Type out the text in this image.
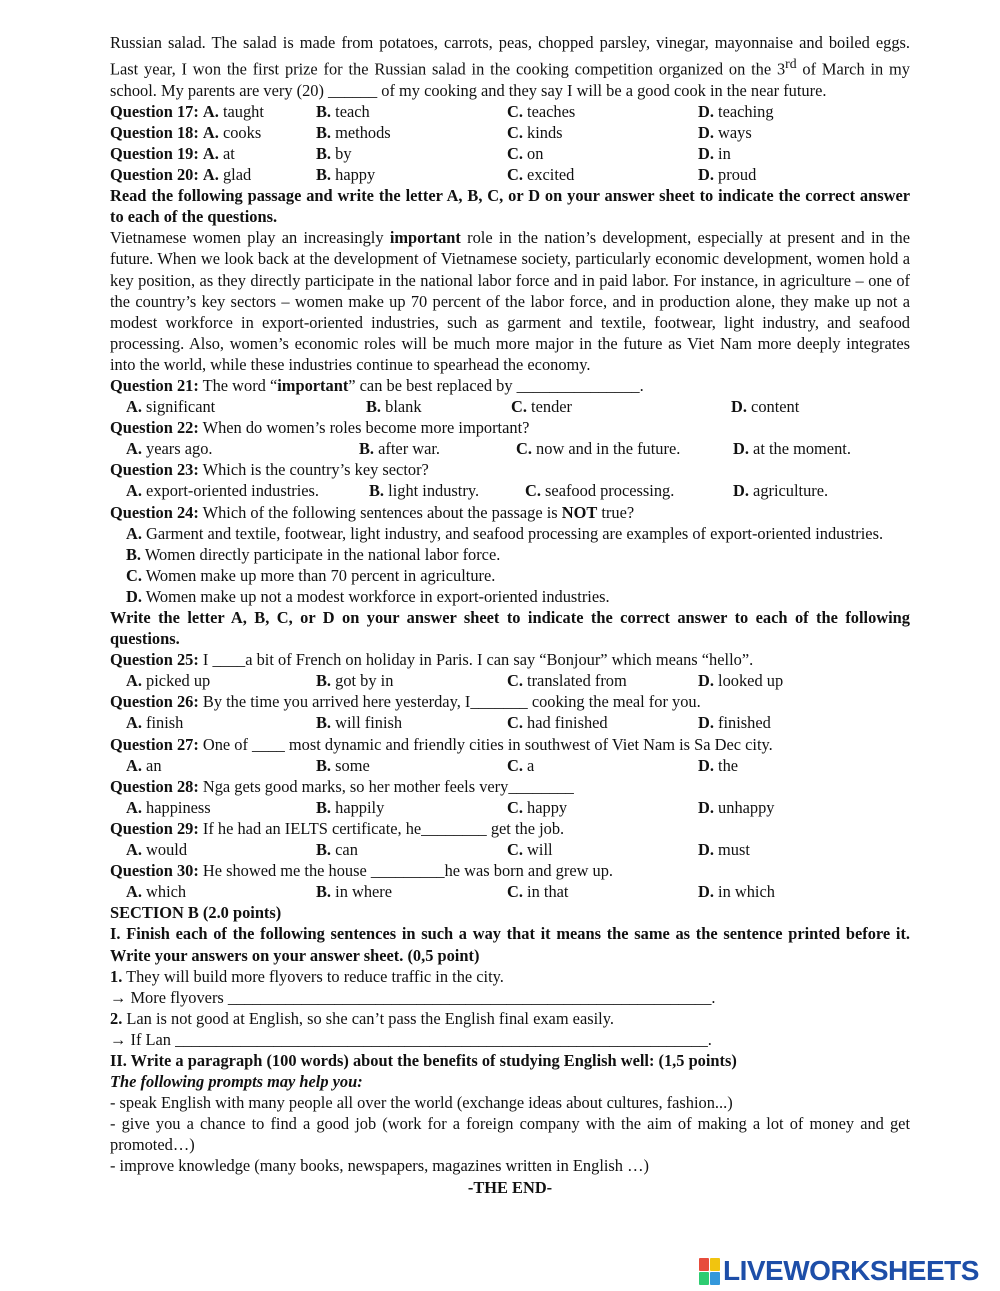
Russian salad. The salad is made from potatoes, carrots, peas, chopped parsley, vinegar, mayonnaise and boiled eggs. Last year, I won the first prize for the Russian salad in the cooking competition organized on the 3rd of March in my school. My parents are very (20) ______ of my cooking and they say I will be a good cook in the near future.

Question 17: A. taught	B. teach	C. teaches	D. teaching
Question 18: A. cooks	B. methods	C. kinds	D. ways
Question 19: A. at	B. by	C. on	D. in
Question 20: A. glad	B. happy	C. excited	D. proud

Read the following passage and write the letter A, B, C, or D on your answer sheet to indicate the correct answer to each of the questions.

Vietnamese women play an increasingly important role in the nation’s development, especially at present and in the future. When we look back at the development of Vietnamese society, particularly economic development, women hold a key position, as they directly participate in the national labor force and in paid labor. For instance, in agriculture – one of the country’s key sectors – women make up 70 percent of the labor force, and in production alone, they make up not a modest workforce in export-oriented industries, such as garment and textile, footwear, light industry, and seafood processing. Also, women’s economic roles will be much more major in the future as Viet Nam more deeply integrates into the world, while these industries continue to spearhead the economy.

Question 21: The word “important” can be best replaced by _______________.

A. significant	B. blank	C. tender	D. content

Question 22: When do women’s roles become more important?

A. years ago.	B. after war.	C. now and in the future.	D. at the moment.

Question 23: Which is the country’s key sector?

A. export-oriented industries.	B. light industry.	C. seafood processing.	D. agriculture.

Question 24: Which of the following sentences about the passage is NOT true?

A. Garment and textile, footwear, light industry, and seafood processing are examples of export-oriented industries.

B. Women directly participate in the national labor force.

C. Women make up more than 70 percent in agriculture.

D. Women make up not a modest workforce in export-oriented industries.

Write the letter A, B, C, or D on your answer sheet to indicate the correct answer to each of the following questions.

Question 25: I ____a bit of French on holiday in Paris. I can say “Bonjour” which means “hello”.

A. picked up	B. got by in	C. translated from	D. looked up

Question 26: By the time you arrived here yesterday, I_______ cooking the meal for you.

A. finish	B. will finish	C. had finished	D. finished

Question 27: One of ____ most dynamic and friendly cities in southwest of Viet Nam is Sa Dec city.

A. an	B. some	C. a	D. the

Question 28: Nga gets good marks, so her mother feels very________

A. happiness	B. happily	C. happy	D. unhappy

Question 29: If he had an IELTS certificate, he________ get the job.

A. would	B. can	C. will	D. must

Question 30: He showed me the house _________he was born and grew up.

A. which	B. in where	C. in that	D. in which

SECTION B (2.0 points)

I. Finish each of the following sentences in such a way that it means the same as the sentence printed before it. Write your answers on your answer sheet. (0,5 point)

1. They will build more flyovers to reduce traffic in the city.

→ More flyovers ___________________________________________________________.

2. Lan is not good at English, so she can’t pass the English final exam easily.

→ If Lan _________________________________________________________________.

II. Write a paragraph (100 words) about the benefits of studying English well: (1,5 points)

The following prompts may help you:

- speak English with many people all over the world (exchange ideas about cultures, fashion...)

- give you a chance to find a good job (work for a foreign company with the aim of making a lot of money and get promoted…)

- improve knowledge (many books, newspapers, magazines written in English …)

-THE END-

LIVEWORKSHEETS
